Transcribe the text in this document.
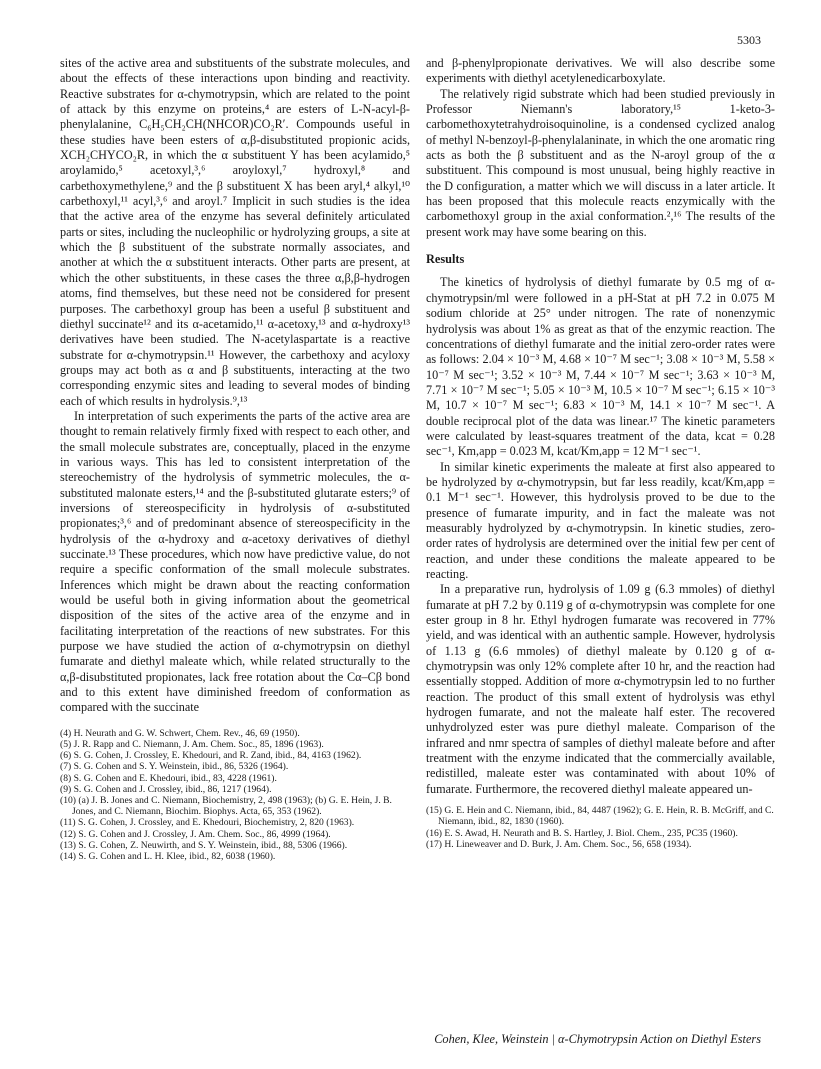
5303

sites of the active area and substituents of the substrate molecules, and about the effects of these interactions upon binding and reactivity. Reactive substrates for α-chymotrypsin, which are related to the point of attack by this enzyme on proteins,⁴ are esters of L-N-acyl-β-phenylalanine, C₆H₅CH₂CH(NHCOR)CO₂R′. Compounds useful in these studies have been esters of α,β-disubstituted propionic acids, XCH₂CHYCO₂R, in which the α substituent Y has been acylamido,⁵ aroylamido,⁵ acetoxyl,³,⁶ aroyloxyl,⁷ hydroxyl,⁸ and carbethoxymethylene,⁹ and the β substituent X has been aryl,⁴ alkyl,¹⁰ carbethoxyl,¹¹ acyl,³,⁶ and aroyl.⁷ Implicit in such studies is the idea that the active area of the enzyme has several definitely articulated parts or sites, including the nucleophilic or hydrolyzing groups, a site at which the β substituent of the substrate normally associates, and another at which the α substituent interacts. Other parts are present, at which the other substituents, in these cases the three α,β,β-hydrogen atoms, find themselves, but these need not be considered for present purposes. The carbethoxyl group has been a useful β substituent and diethyl succinate¹² and its α-acetamido,¹¹ α-acetoxy,¹³ and α-hydroxy¹³ derivatives have been studied. The N-acetylaspartate is a reactive substrate for α-chymotrypsin.¹¹ However, the carbethoxy and acyloxy groups may act both as α and β substituents, interacting at the two corresponding enzymic sites and leading to several modes of binding each of which results in hydrolysis.⁹,¹³

In interpretation of such experiments the parts of the active area are thought to remain relatively firmly fixed with respect to each other, and the small molecule substrates are, conceptually, placed in the enzyme in various ways. This has led to consistent interpretation of the stereochemistry of the hydrolysis of symmetric molecules, the α-substituted malonate esters,¹⁴ and the β-substituted glutarate esters;⁹ of inversions of stereospecificity in hydrolysis of α-substituted propionates;³,⁶ and of predominant absence of stereospecificity in the hydrolysis of the α-hydroxy and α-acetoxy derivatives of diethyl succinate.¹³ These procedures, which now have predictive value, do not require a specific conformation of the small molecule substrates. Inferences which might be drawn about the reacting conformation would be useful both in giving information about the geometrical disposition of the sites of the active area of the enzyme and in facilitating interpretation of the reactions of new substrates. For this purpose we have studied the action of α-chymotrypsin on diethyl fumarate and diethyl maleate which, while related structurally to the α,β-disubstituted propionates, lack free rotation about the Cα–Cβ bond and to this extent have diminished freedom of conformation as compared with the succinate

(4) H. Neurath and G. W. Schwert, Chem. Rev., 46, 69 (1950).

(5) J. R. Rapp and C. Niemann, J. Am. Chem. Soc., 85, 1896 (1963).

(6) S. G. Cohen, J. Crossley, E. Khedouri, and R. Zand, ibid., 84, 4163 (1962).

(7) S. G. Cohen and S. Y. Weinstein, ibid., 86, 5326 (1964).

(8) S. G. Cohen and E. Khedouri, ibid., 83, 4228 (1961).

(9) S. G. Cohen and J. Crossley, ibid., 86, 1217 (1964).

(10) (a) J. B. Jones and C. Niemann, Biochemistry, 2, 498 (1963); (b) G. E. Hein, J. B. Jones, and C. Niemann, Biochim. Biophys. Acta, 65, 353 (1962).

(11) S. G. Cohen, J. Crossley, and E. Khedouri, Biochemistry, 2, 820 (1963).

(12) S. G. Cohen and J. Crossley, J. Am. Chem. Soc., 86, 4999 (1964).

(13) S. G. Cohen, Z. Neuwirth, and S. Y. Weinstein, ibid., 88, 5306 (1966).

(14) S. G. Cohen and L. H. Klee, ibid., 82, 6038 (1960).

and β-phenylpropionate derivatives. We will also describe some experiments with diethyl acetylenedicarboxylate.

The relatively rigid substrate which had been studied previously in Professor Niemann's laboratory,¹⁵ 1-keto-3-carbomethoxytetrahydroisoquinoline, is a condensed cyclized analog of methyl N-benzoyl-β-phenylalaninate, in which the one aromatic ring acts as both the β substituent and as the N-aroyl group of the α substituent. This compound is most unusual, being highly reactive in the D configuration, a matter which we will discuss in a later article. It has been proposed that this molecule reacts enzymically with the carbomethoxyl group in the axial conformation.²,¹⁶ The results of the present work may have some bearing on this.

Results

The kinetics of hydrolysis of diethyl fumarate by 0.5 mg of α-chymotrypsin/ml were followed in a pH-Stat at pH 7.2 in 0.075 M sodium chloride at 25° under nitrogen. The rate of nonenzymic hydrolysis was about 1% as great as that of the enzymic reaction. The concentrations of diethyl fumarate and the initial zero-order rates were as follows: 2.04 × 10⁻³ M, 4.68 × 10⁻⁷ M sec⁻¹; 3.08 × 10⁻³ M, 5.58 × 10⁻⁷ M sec⁻¹; 3.52 × 10⁻³ M, 7.44 × 10⁻⁷ M sec⁻¹; 3.63 × 10⁻³ M, 7.71 × 10⁻⁷ M sec⁻¹; 5.05 × 10⁻³ M, 10.5 × 10⁻⁷ M sec⁻¹; 6.15 × 10⁻³ M, 10.7 × 10⁻⁷ M sec⁻¹; 6.83 × 10⁻³ M, 14.1 × 10⁻⁷ M sec⁻¹. A double reciprocal plot of the data was linear.¹⁷ The kinetic parameters were calculated by least-squares treatment of the data, kcat = 0.28 sec⁻¹, Km,app = 0.023 M, kcat/Km,app = 12 M⁻¹ sec⁻¹.

In similar kinetic experiments the maleate at first also appeared to be hydrolyzed by α-chymotrypsin, but far less readily, kcat/Km,app = 0.1 M⁻¹ sec⁻¹. However, this hydrolysis proved to be due to the presence of fumarate impurity, and in fact the maleate was not measurably hydrolyzed by α-chymotrypsin. In kinetic studies, zero-order rates of hydrolysis are determined over the initial few per cent of reaction, and under these conditions the maleate appeared to be reacting.

In a preparative run, hydrolysis of 1.09 g (6.3 mmoles) of diethyl fumarate at pH 7.2 by 0.119 g of α-chymotrypsin was complete for one ester group in 8 hr. Ethyl hydrogen fumarate was recovered in 77% yield, and was identical with an authentic sample. However, hydrolysis of 1.13 g (6.6 mmoles) of diethyl maleate by 0.120 g of α-chymotrypsin was only 12% complete after 10 hr, and the reaction had essentially stopped. Addition of more α-chymotrypsin led to no further reaction. The product of this small extent of hydrolysis was ethyl hydrogen fumarate, and not the maleate half ester. The recovered unhydrolyzed ester was pure diethyl maleate. Comparison of the infrared and nmr spectra of samples of diethyl maleate before and after treatment with the enzyme indicated that the commercially available, redistilled, maleate ester was contaminated with about 10% of fumarate. Furthermore, the recovered diethyl maleate appeared un-

(15) G. E. Hein and C. Niemann, ibid., 84, 4487 (1962); G. E. Hein, R. B. McGriff, and C. Niemann, ibid., 82, 1830 (1960).

(16) E. S. Awad, H. Neurath and B. S. Hartley, J. Biol. Chem., 235, PC35 (1960).

(17) H. Lineweaver and D. Burk, J. Am. Chem. Soc., 56, 658 (1934).

Cohen, Klee, Weinstein | α-Chymotrypsin Action on Diethyl Esters
